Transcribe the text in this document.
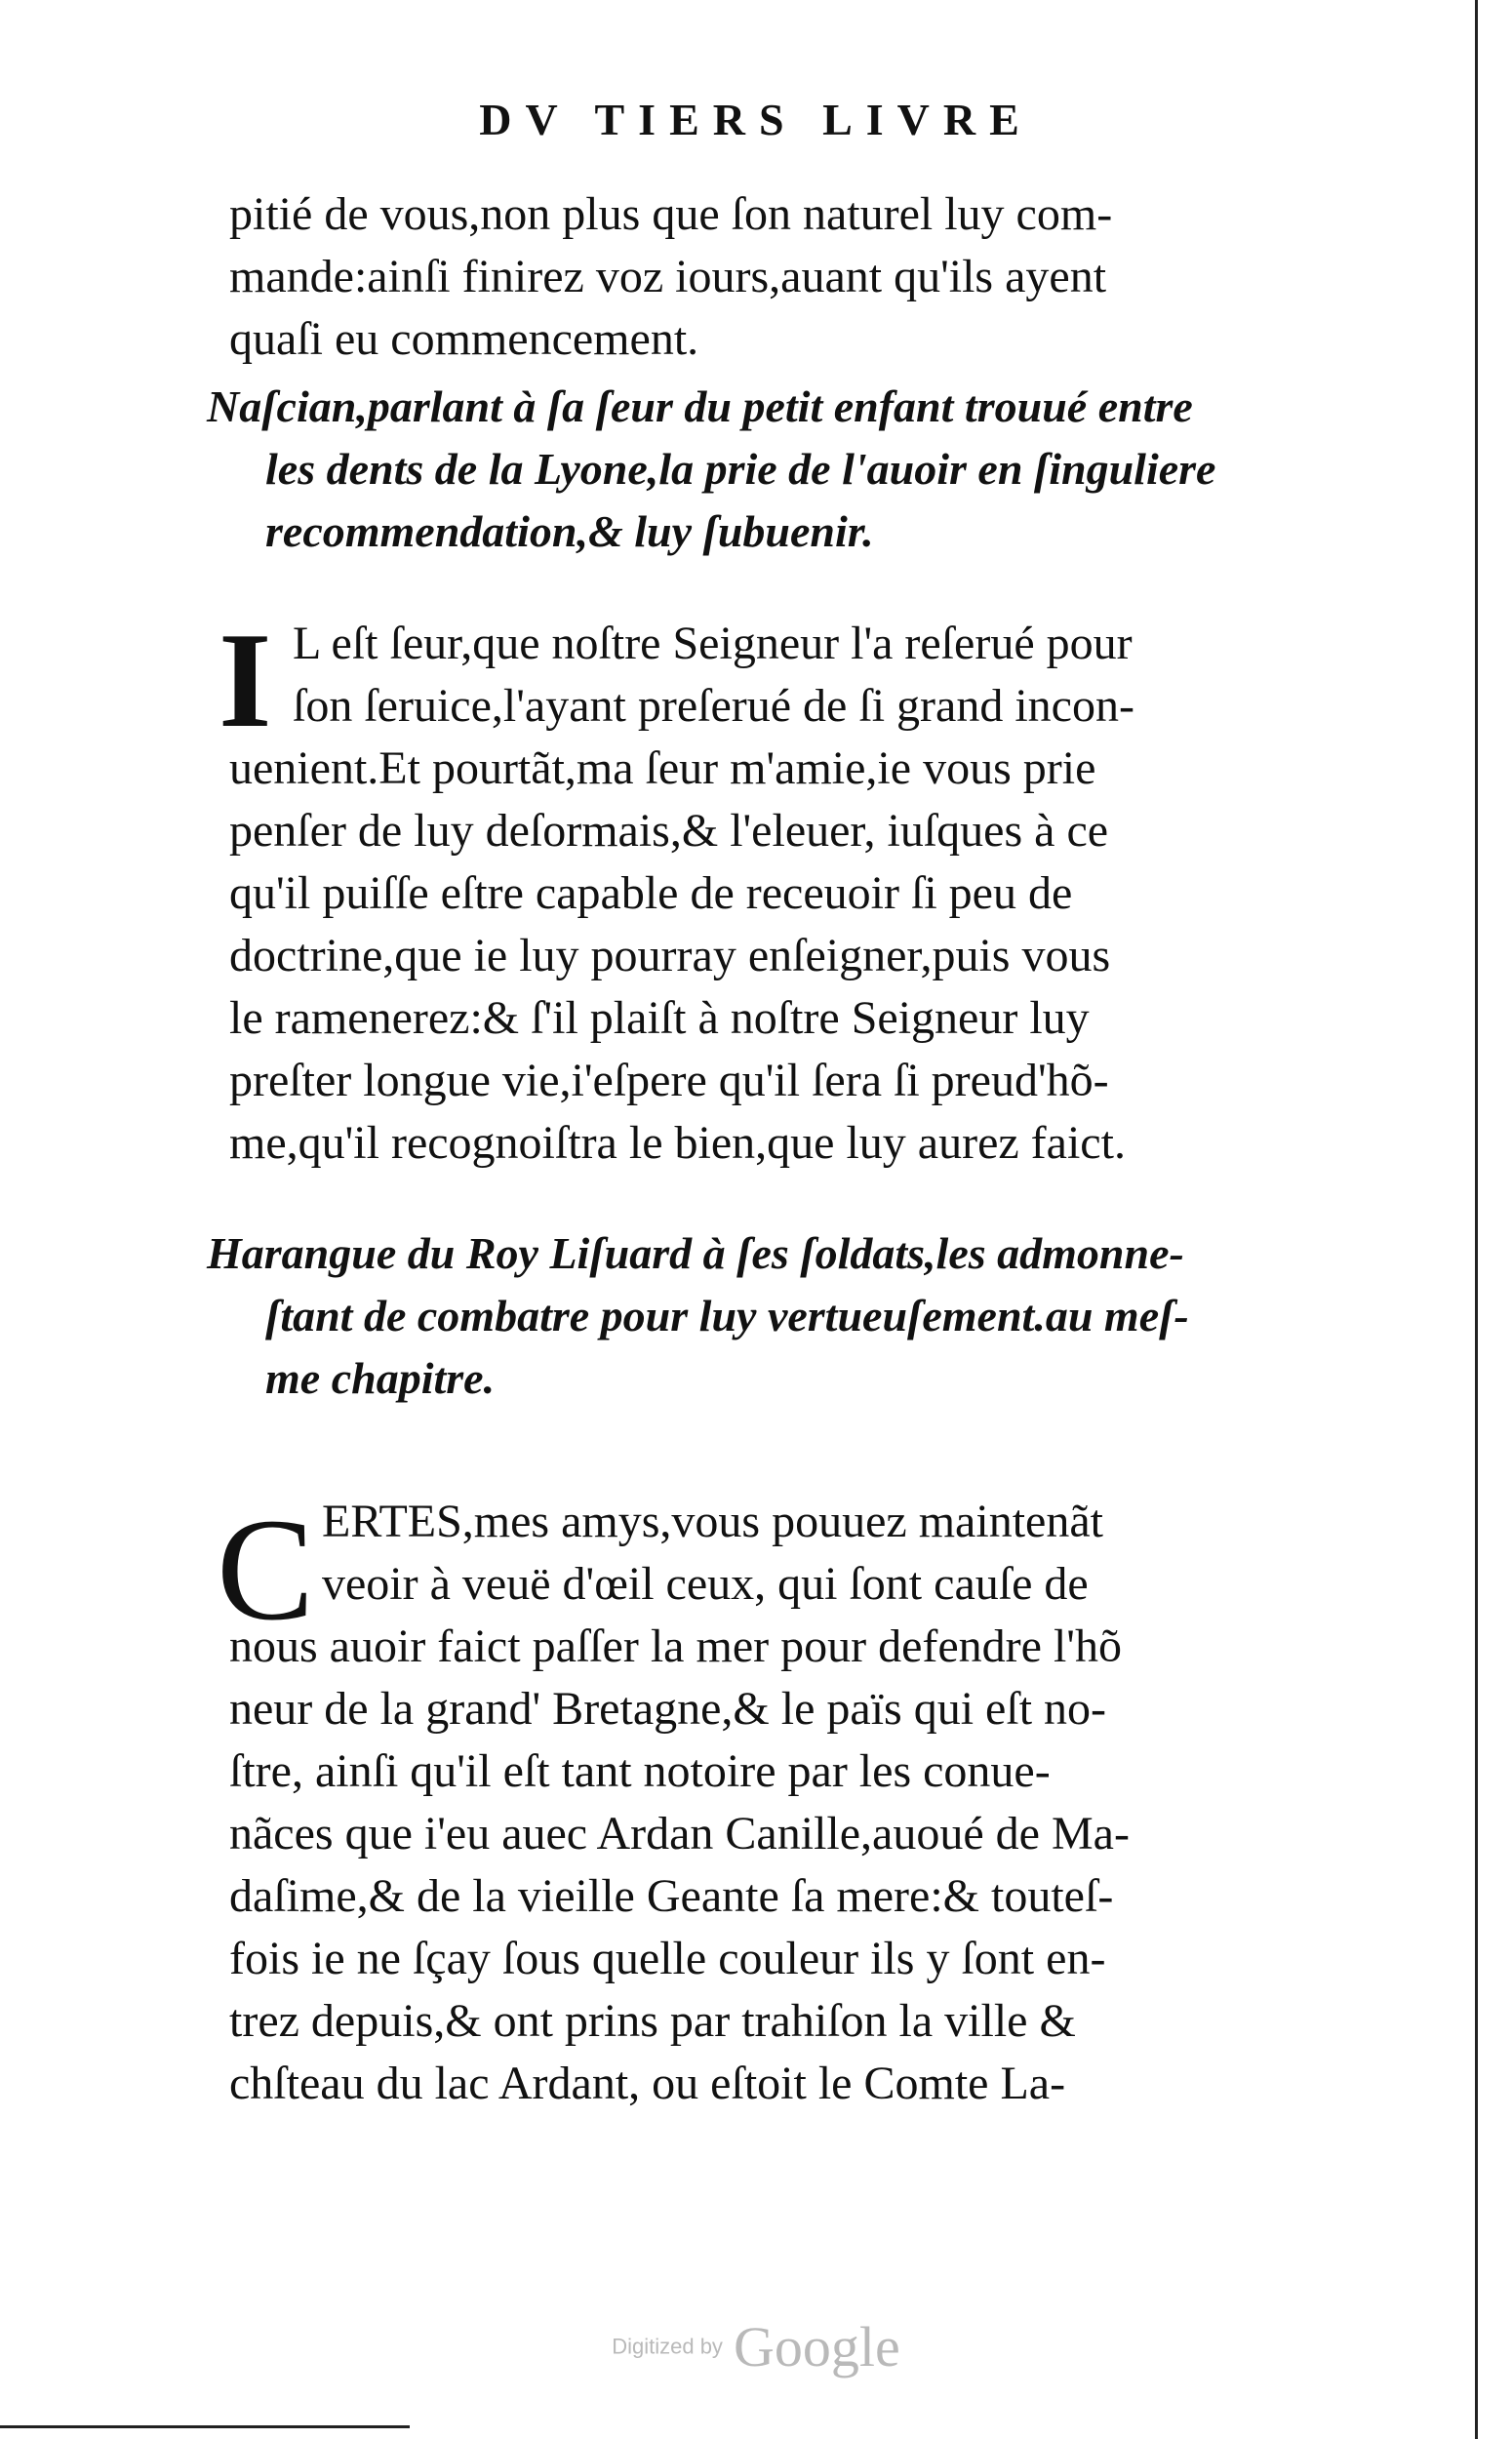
DV TIERS LIVRE
pitié de vous,non plus que ſon naturel luy com-
mande:ainſi finirez voz iours,auant qu'ils ayent
quaſi eu commencement.
Naſcian,parlant à ſa ſeur du petit enfant trouué entre
les dents de la Lyone,la prie de l'auoir en ſinguliere
recommendation,& luy ſubuenir.
I L eſt ſeur,que noſtre Seigneur l'a reſerué pour
ſon ſeruice,l'ayant preſerué de ſi grand incon-
uenient.Et pourtãt,ma ſeur m'amie,ie vous prie
penſer de luy deſormais,& l'eleuer, iuſques à ce
qu'il puiſſe eſtre capable de receuoir ſi peu de
doctrine,que ie luy pourray enſeigner,puis vous
le ramenerez:& ſ'il plaiſt à noſtre Seigneur luy
preſter longue vie,i'eſpere qu'il ſera ſi preud'hõ-
me,qu'il recognoiſtra le bien,que luy aurez faict.
Harangue du Roy Liſuard à ſes ſoldats,les admonne-
ſtant de combatre pour luy vertueuſement.au meſ-
me chapitre.
C ERTES,mes amys,vous pouuez maintenãt
veoir à veuë d'œil ceux, qui ſont cauſe de
nous auoir faict paſſer la mer pour defendre l'hõ
neur de la grand' Bretagne,& le païs qui eſt no-
ſtre, ainſi qu'il eſt tant notoire par les conue-
nãces que i'eu auec Ardan Canille,auoué de Ma-
daſime,& de la vieille Geante ſa mere:& touteſ-
fois ie ne ſçay ſous quelle couleur ils y ſont en-
trez depuis,& ont prins par trahiſon la ville &
chſteau du lac Ardant, ou eſtoit le Comte La-
Digitized by Google
